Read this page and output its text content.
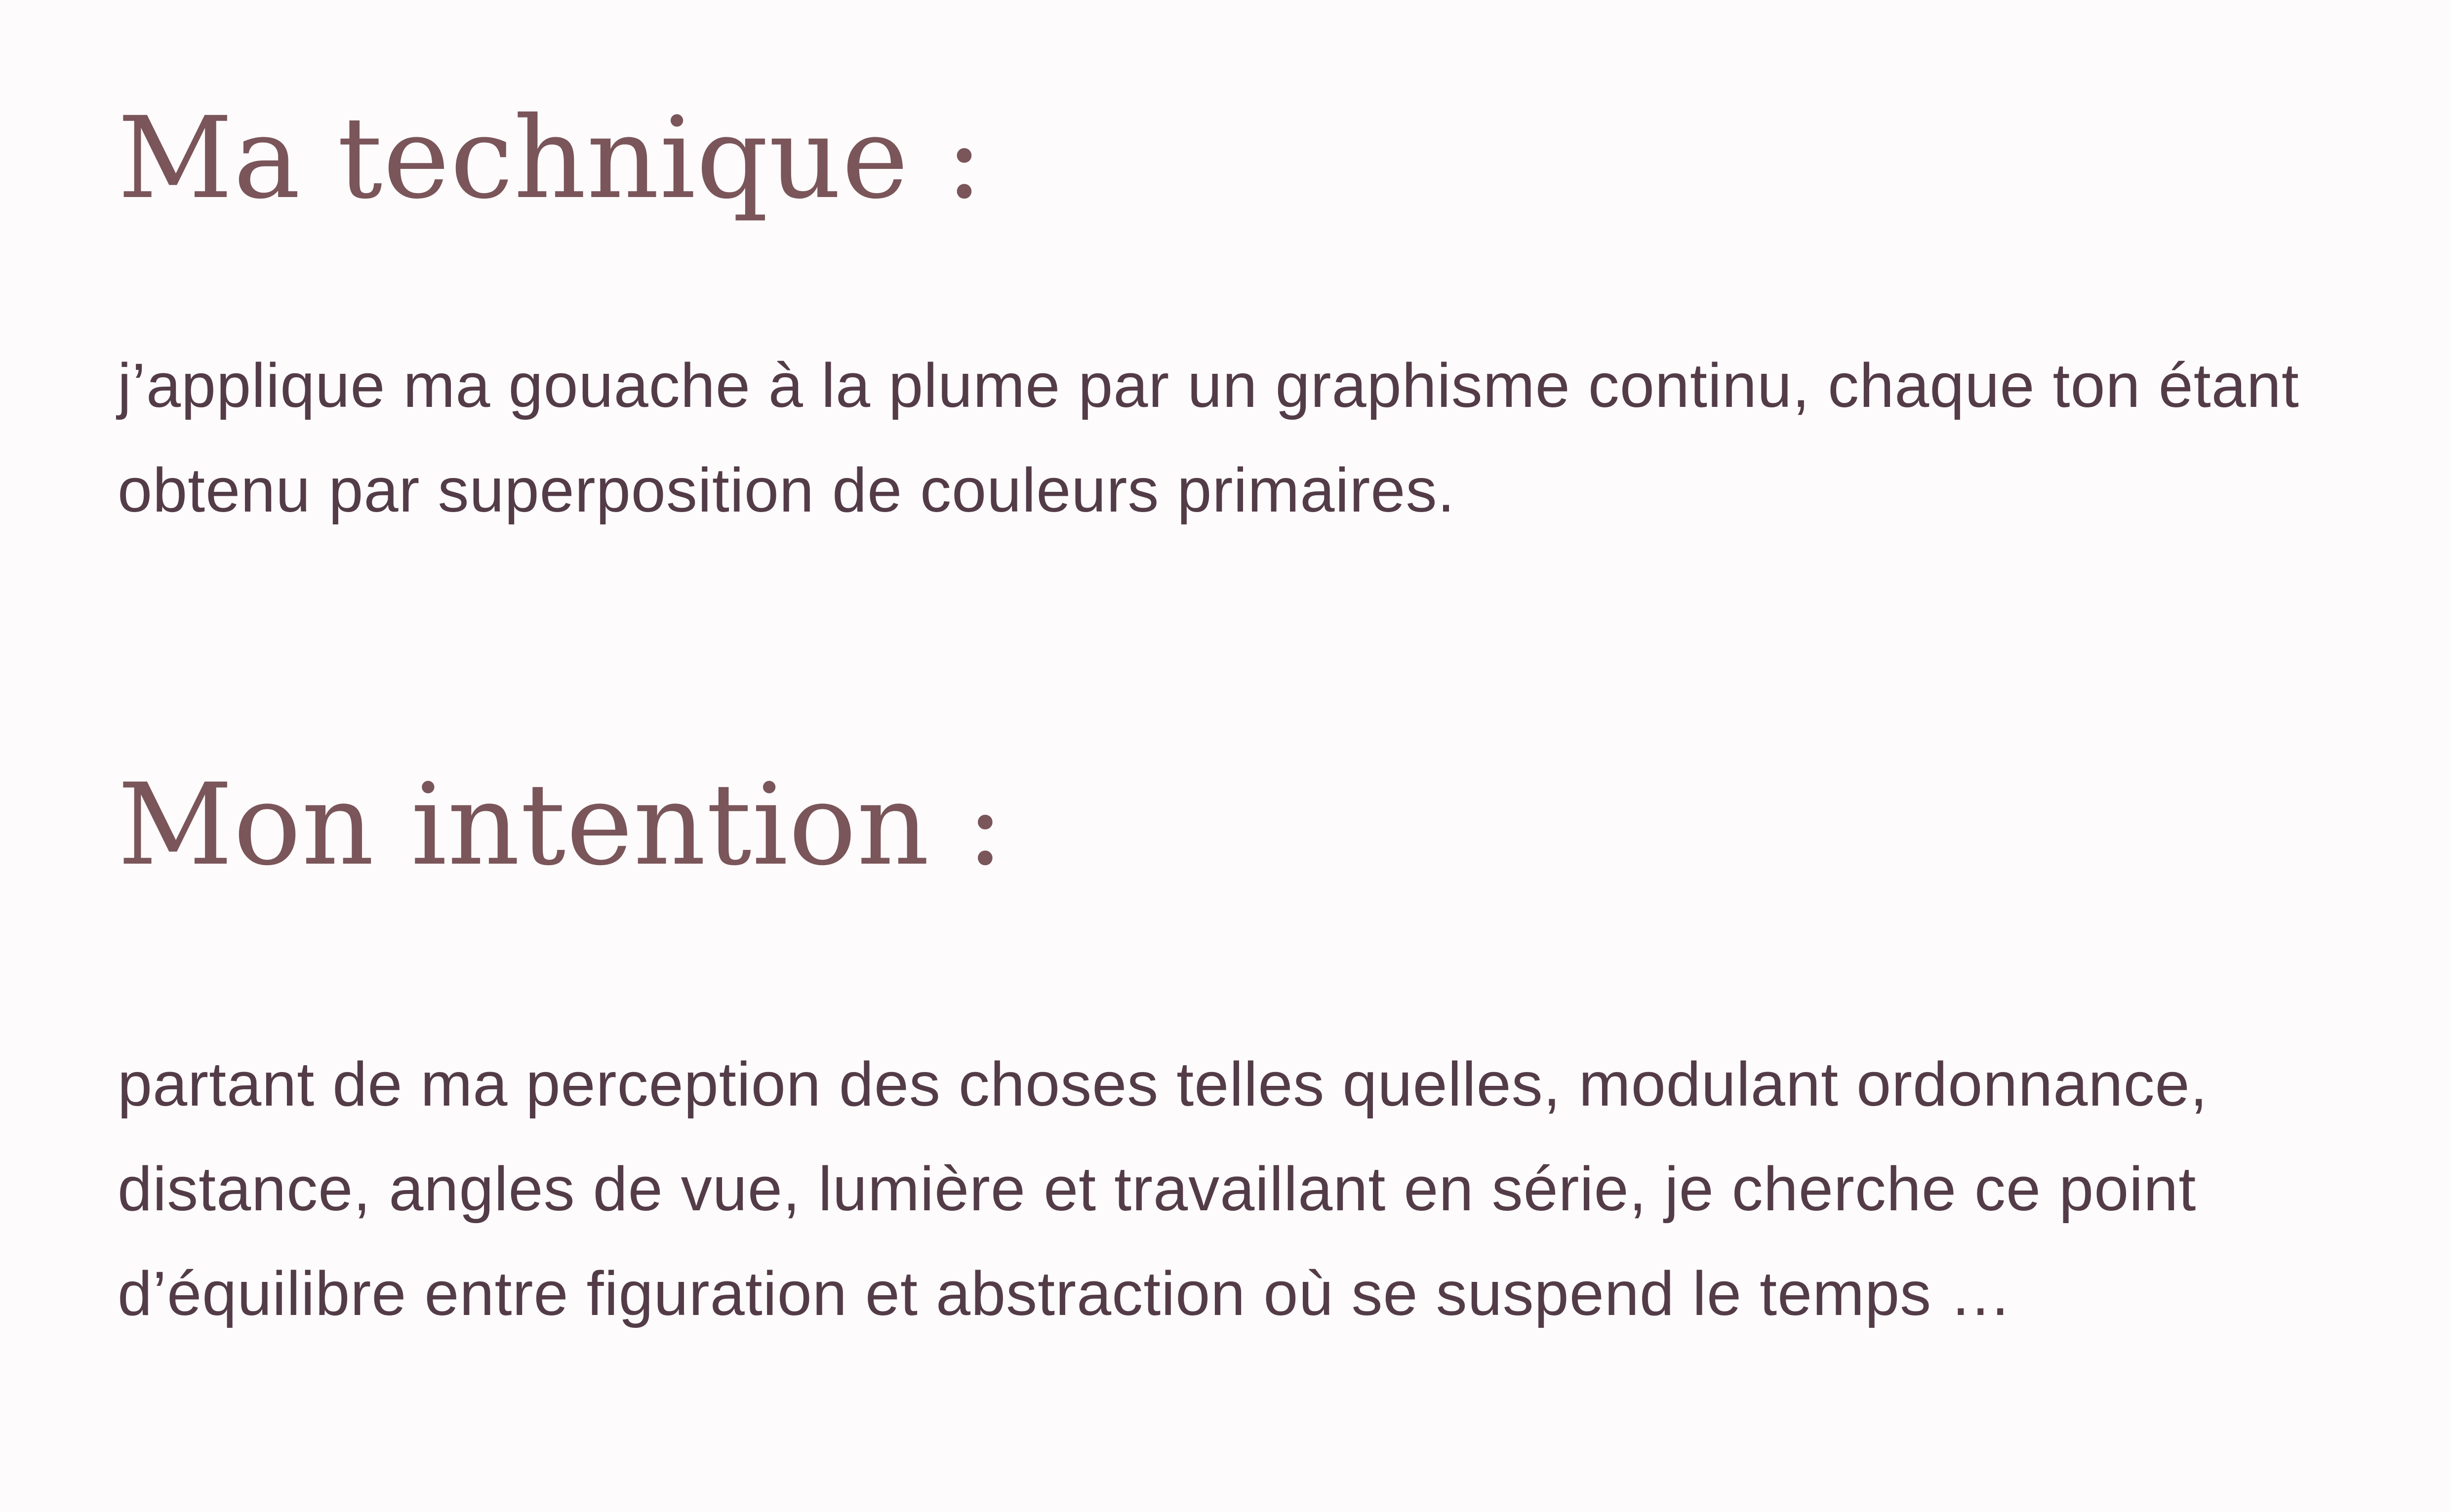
Ma technique :

j’applique ma gouache à la plume par un graphisme continu, chaque ton étant obtenu par superposition de couleurs primaires.

Mon intention :

partant de ma perception des choses telles quelles, modulant ordonnance, distance, angles de vue, lumière et travaillant en série, je cherche ce point d’équilibre entre figuration et abstraction où se suspend le temps …
